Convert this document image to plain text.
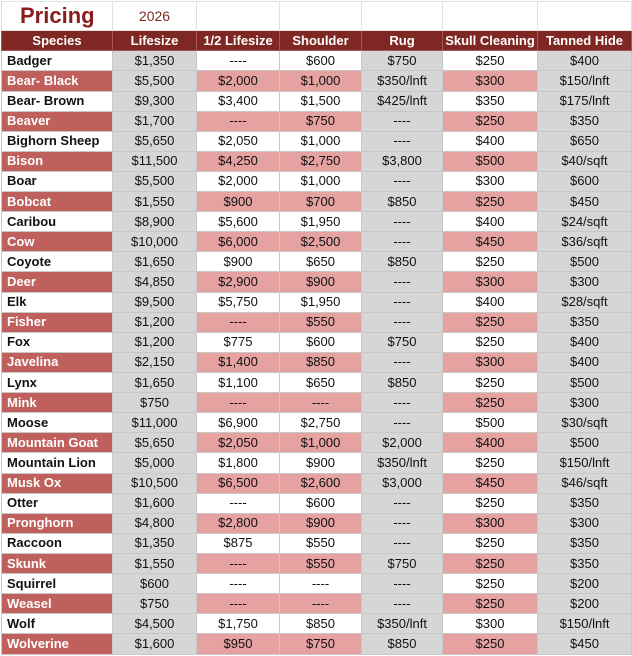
Pricing	2026					
Species	Lifesize	1/2 Lifesize	Shoulder	Rug	Skull Cleaning	Tanned Hide
Badger	$1,350	----	$600	$750	$250	$400
Bear- Black	$5,500	$2,000	$1,000	$350/lnft	$300	$150/lnft
Bear- Brown	$9,300	$3,400	$1,500	$425/lnft	$350	$175/lnft
Beaver	$1,700	----	$750	----	$250	$350
Bighorn Sheep	$5,650	$2,050	$1,000	----	$400	$650
Bison	$11,500	$4,250	$2,750	$3,800	$500	$40/sqft
Boar	$5,500	$2,000	$1,000	----	$300	$600
Bobcat	$1,550	$900	$700	$850	$250	$450
Caribou	$8,900	$5,600	$1,950	----	$400	$24/sqft
Cow	$10,000	$6,000	$2,500	----	$450	$36/sqft
Coyote	$1,650	$900	$650	$850	$250	$500
Deer	$4,850	$2,900	$900	----	$300	$300
Elk	$9,500	$5,750	$1,950	----	$400	$28/sqft
Fisher	$1,200	----	$550	----	$250	$350
Fox	$1,200	$775	$600	$750	$250	$400
Javelina	$2,150	$1,400	$850	----	$300	$400
Lynx	$1,650	$1,100	$650	$850	$250	$500
Mink	$750	----	----	----	$250	$300
Moose	$11,000	$6,900	$2,750	----	$500	$30/sqft
Mountain Goat	$5,650	$2,050	$1,000	$2,000	$400	$500
Mountain Lion	$5,000	$1,800	$900	$350/lnft	$250	$150/lnft
Musk Ox	$10,500	$6,500	$2,600	$3,000	$450	$46/sqft
Otter	$1,600	----	$600	----	$250	$350
Pronghorn	$4,800	$2,800	$900	----	$300	$300
Raccoon	$1,350	$875	$550	----	$250	$350
Skunk	$1,550	----	$550	$750	$250	$350
Squirrel	$600	----	----	----	$250	$200
Weasel	$750	----	----	----	$250	$200
Wolf	$4,500	$1,750	$850	$350/lnft	$300	$150/lnft
Wolverine	$1,600	$950	$750	$850	$250	$450
